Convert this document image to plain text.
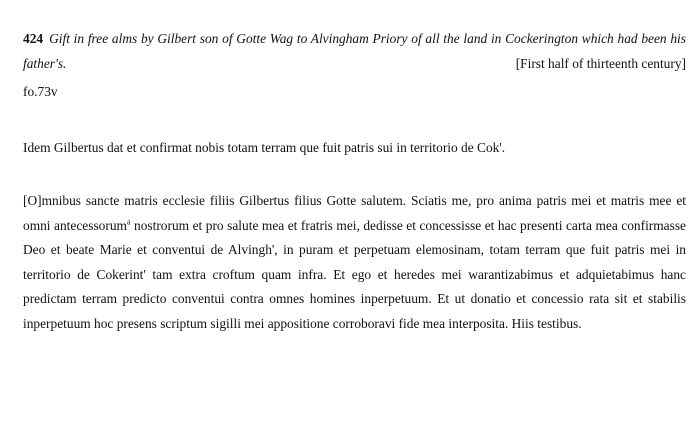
424 Gift in free alms by Gilbert son of Gotte Wag to Alvingham Priory of all the land in Cockerington which had been his father's.	[First half of thirteenth century]
fo.73v
Idem Gilbertus dat et confirmat nobis totam terram que fuit patris sui in territorio de Cok'.
[O]mnibus sancte matris ecclesie filiis Gilbertus filius Gotte salutem. Sciatis me, pro anima patris mei et matris mee et omni antecessorum$^a$ nostrorum et pro salute mea et fratris mei, dedisse et concessisse et hac presenti carta mea confirmasse Deo et beate Marie et conventui de Alvingh', in puram et perpetuam elemosinam, totam terram que fuit patris mei in territorio de Cokerint' tam extra croftum quam infra. Et ego et heredes mei warantizabimus et adquietabimus hanc predictam terram predicto conventui contra omnes homines inperpetuum. Et ut donatio et concessio rata sit et stabilis inperpetuum hoc presens scriptum sigilli mei appositione corroboravi fide mea interposita. Hiis testibus.
